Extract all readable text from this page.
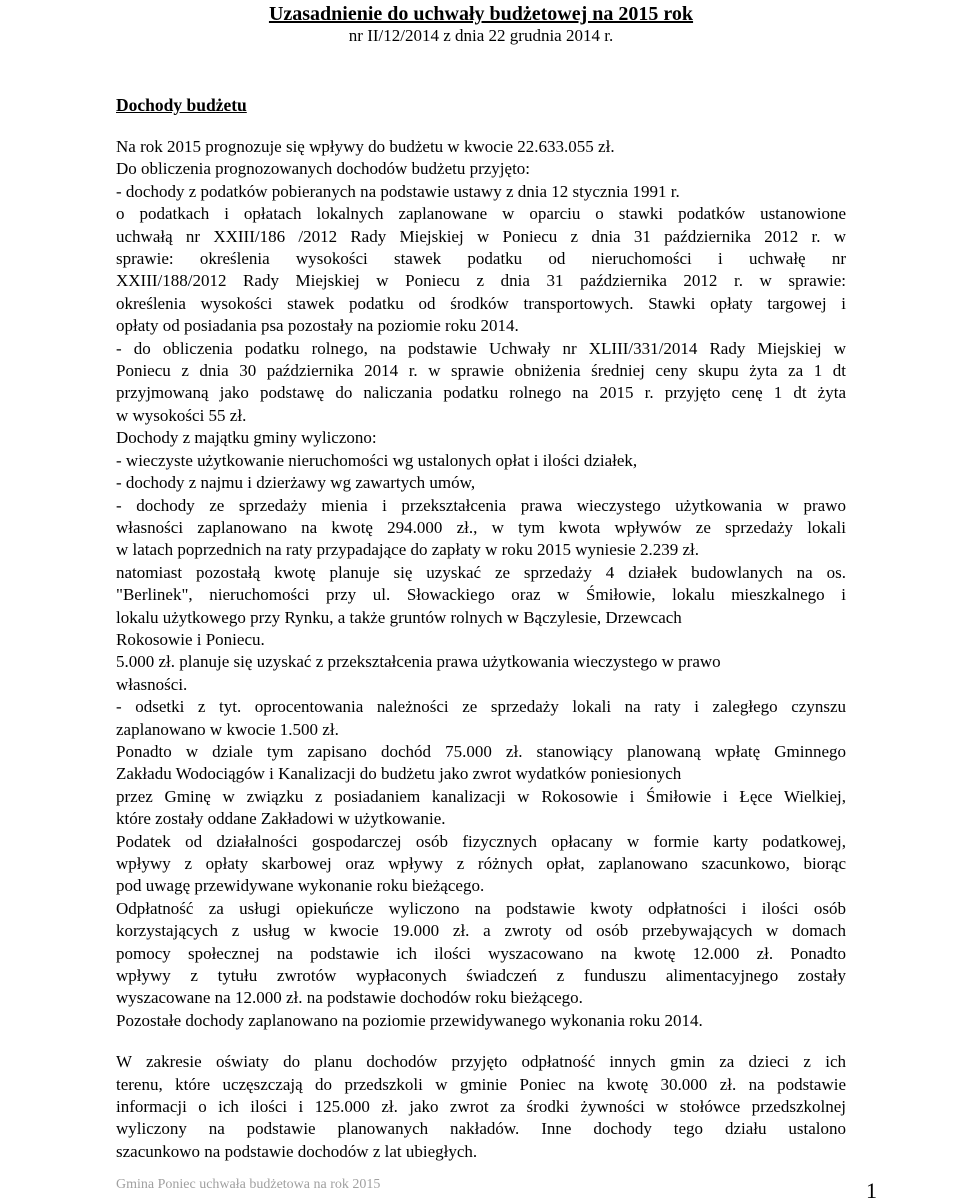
Uzasadnienie do uchwały budżetowej na 2015 rok

nr II/12/2014 z dnia 22 grudnia 2014 r.

Dochody budżetu
Na rok 2015 prognozuje się wpływy do budżetu w kwocie 22.633.055 zł.
Do obliczenia prognozowanych dochodów budżetu przyjęto:
- dochody z podatków pobieranych na podstawie ustawy z dnia 12 stycznia 1991 r.
o podatkach i opłatach lokalnych zaplanowane w oparciu o stawki podatków ustanowione
uchwałą nr XXIII/186 /2012 Rady Miejskiej w Poniecu z dnia 31 października 2012 r. w
sprawie: określenia wysokości stawek podatku od nieruchomości i uchwałę nr
XXIII/188/2012 Rady Miejskiej w Poniecu z dnia 31 października 2012 r. w sprawie:
określenia wysokości stawek podatku od środków transportowych. Stawki opłaty targowej i
opłaty od posiadania psa pozostały na poziomie roku 2014.
- do obliczenia podatku rolnego, na podstawie Uchwały nr XLIII/331/2014 Rady Miejskiej w
Poniecu z dnia 30 października 2014 r. w sprawie obniżenia średniej ceny skupu żyta za 1 dt
przyjmowaną jako podstawę do naliczania podatku rolnego na 2015 r. przyjęto cenę 1 dt żyta
w wysokości 55 zł.
Dochody z majątku gminy wyliczono:
- wieczyste użytkowanie nieruchomości wg ustalonych opłat i ilości działek,
- dochody z najmu i dzierżawy wg zawartych umów,
- dochody ze sprzedaży mienia i przekształcenia prawa wieczystego użytkowania w prawo
własności zaplanowano na kwotę 294.000 zł., w tym kwota wpływów ze sprzedaży lokali
w latach poprzednich na raty przypadające do zapłaty w roku 2015 wyniesie 2.239 zł.
natomiast pozostałą kwotę planuje się uzyskać ze sprzedaży 4 działek budowlanych na os.
"Berlinek", nieruchomości przy ul. Słowackiego oraz w Śmiłowie, lokalu mieszkalnego i
lokalu użytkowego przy Rynku, a także gruntów rolnych w Bączylesie, Drzewcach
Rokosowie i Poniecu.
5.000 zł. planuje się uzyskać z przekształcenia prawa użytkowania wieczystego w prawo
własności.
- odsetki z tyt. oprocentowania należności ze sprzedaży lokali na raty i zaległego czynszu
zaplanowano w kwocie 1.500 zł.
Ponadto w dziale tym zapisano dochód 75.000 zł. stanowiący planowaną wpłatę Gminnego
Zakładu Wodociągów i Kanalizacji do budżetu jako zwrot wydatków poniesionych
przez Gminę w związku z posiadaniem kanalizacji w Rokosowie i Śmiłowie i Łęce Wielkiej,
które zostały oddane Zakładowi w użytkowanie.
Podatek od działalności gospodarczej osób fizycznych opłacany w formie karty podatkowej,
wpływy z opłaty skarbowej oraz wpływy z różnych opłat, zaplanowano szacunkowo, biorąc
pod uwagę przewidywane wykonanie roku bieżącego.
Odpłatność za usługi opiekuńcze wyliczono na podstawie kwoty odpłatności i ilości osób
korzystających z usług w kwocie 19.000 zł. a zwroty od osób przebywających w domach
pomocy społecznej na podstawie ich ilości wyszacowano na kwotę 12.000 zł. Ponadto
wpływy z tytułu zwrotów wypłaconych świadczeń z funduszu alimentacyjnego zostały
wyszacowane na 12.000 zł. na podstawie dochodów roku bieżącego.
Pozostałe dochody zaplanowano na poziomie przewidywanego wykonania roku 2014.
W zakresie oświaty do planu dochodów przyjęto odpłatność innych gmin za dzieci z ich
terenu, które uczęszczają do przedszkoli w gminie Poniec na kwotę 30.000 zł. na podstawie
informacji o ich ilości i 125.000 zł. jako zwrot za środki żywności w stołówce przedszkolnej
wyliczony na podstawie planowanych nakładów. Inne dochody tego działu ustalono
szacunkowo na podstawie dochodów z lat ubiegłych.
Gmina Poniec uchwała budżetowa na rok 2015	1
